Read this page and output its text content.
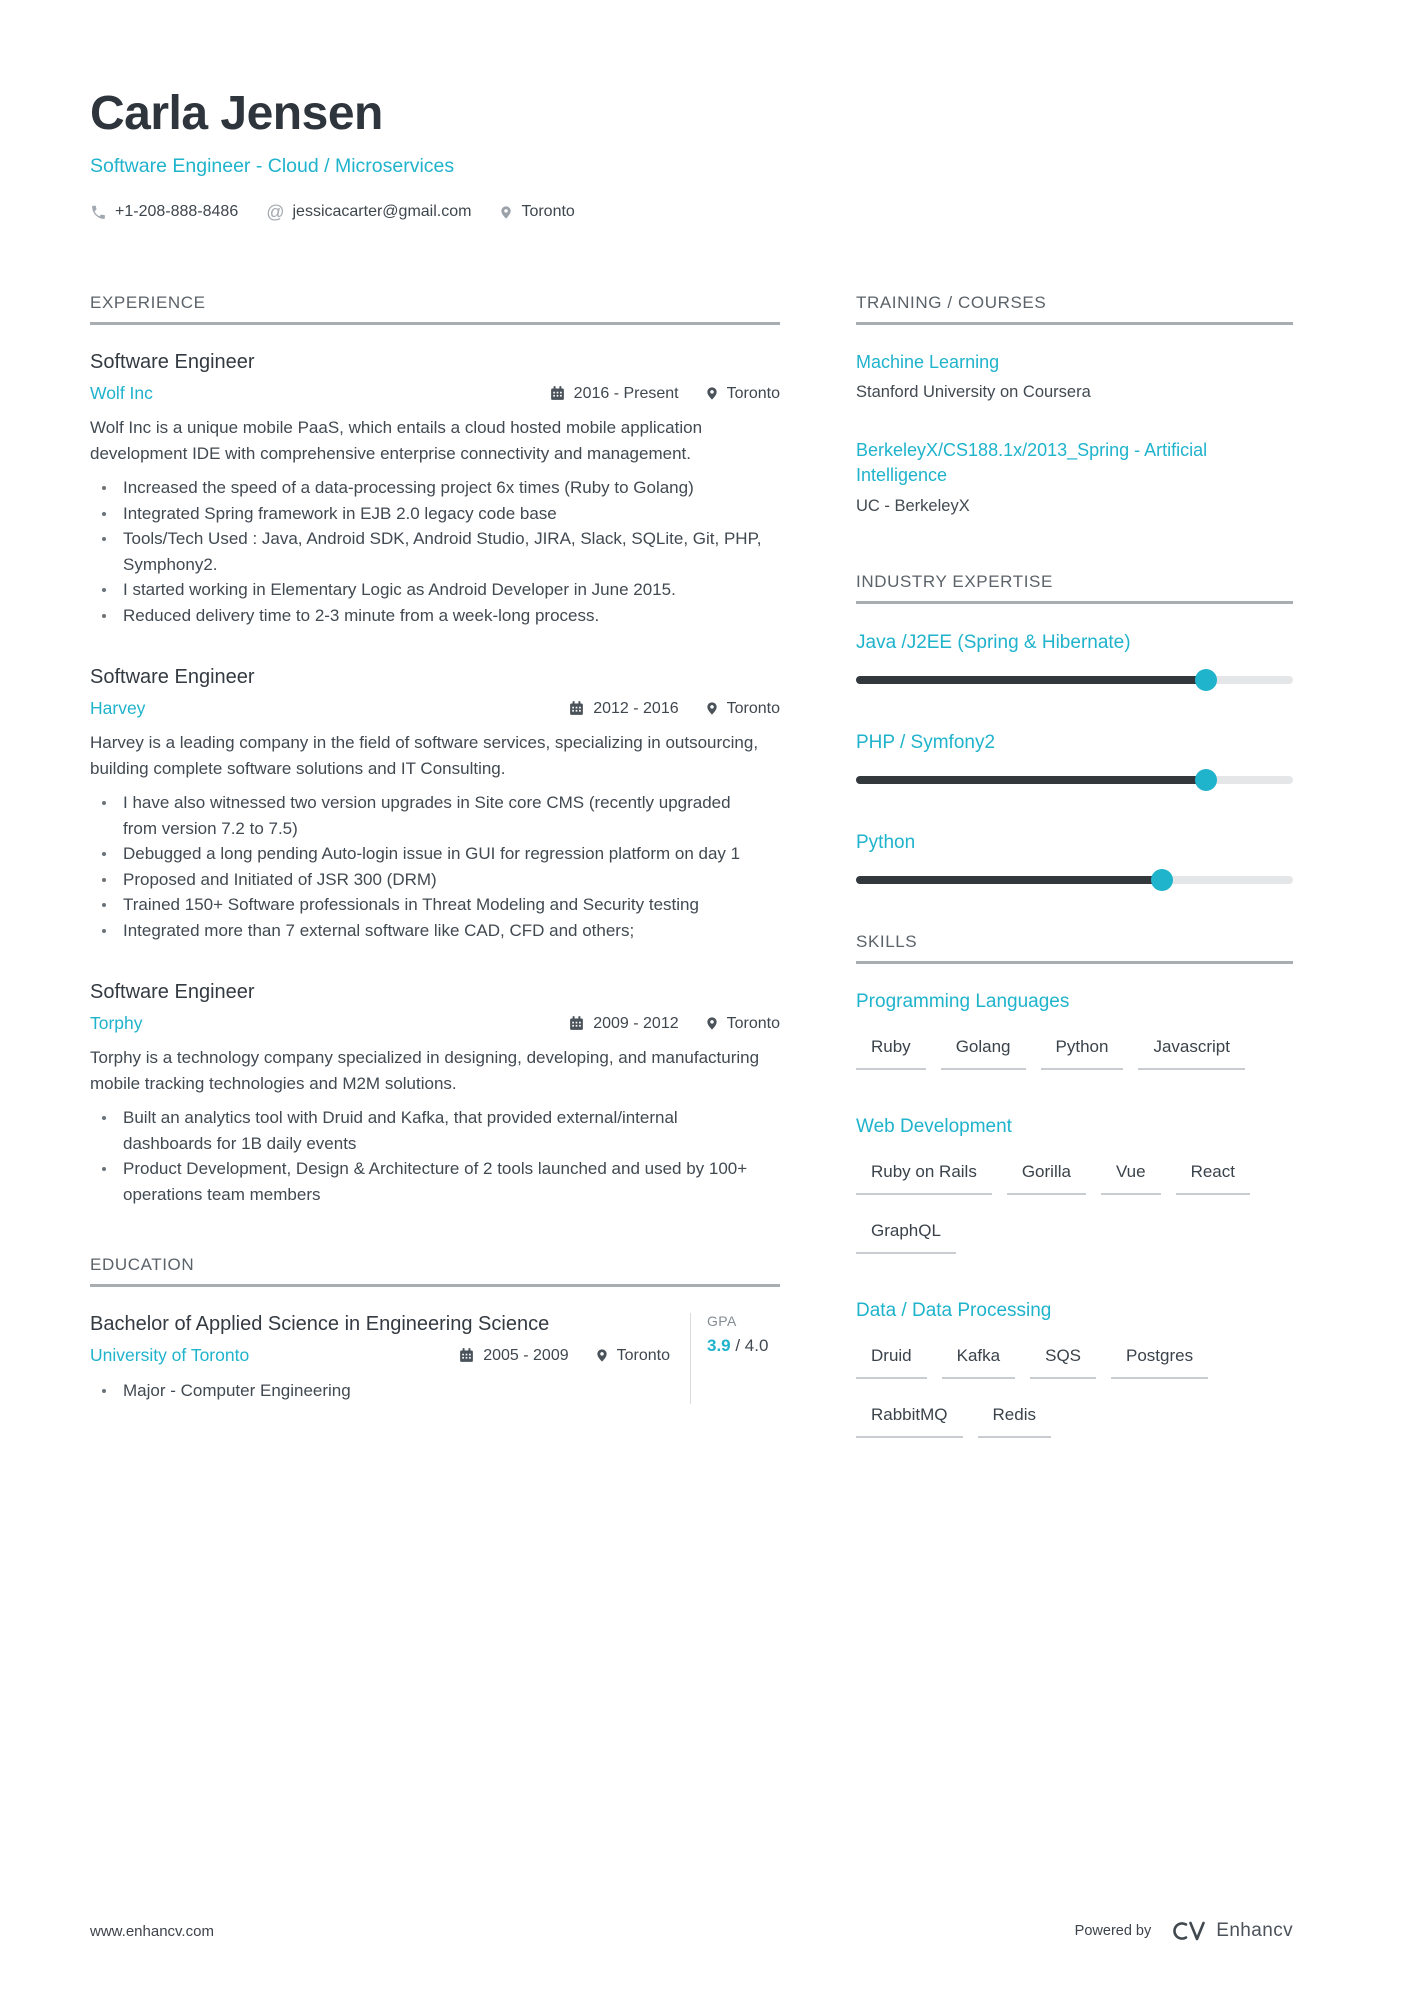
Carla Jensen
Software Engineer - Cloud / Microservices
+1-208-888-8486 @ jessicacarter@gmail.com	Toronto
EXPERIENCE
Software Engineer
Wolf Inc	2016 - Present	Toronto
Wolf Inc is a unique mobile PaaS, which entails a cloud hosted mobile application development IDE with comprehensive enterprise connectivity and management.
Increased the speed of a data-processing project 6x times (Ruby to Golang)
Integrated Spring framework in EJB 2.0 legacy code base
Tools/Tech Used : Java, Android SDK, Android Studio, JIRA, Slack, SQLite, Git, PHP, Symphony2.
I started working in Elementary Logic as Android Developer in June 2015.
Reduced delivery time to 2-3 minute from a week-long process.
Software Engineer
Harvey	2012 - 2016	Toronto
Harvey is a leading company in the field of software services, specializing in outsourcing, building complete software solutions and IT Consulting.
I have also witnessed two version upgrades in Site core CMS (recently upgraded from version 7.2 to 7.5)
Debugged a long pending Auto-login issue in GUI for regression platform on day 1
Proposed and Initiated of JSR 300 (DRM)
Trained 150+ Software professionals in Threat Modeling and Security testing
Integrated more than 7 external software like CAD, CFD and others;
Software Engineer
Torphy	2009 - 2012	Toronto
Torphy is a technology company specialized in designing, developing, and manufacturing mobile tracking technologies and M2M solutions.
Built an analytics tool with Druid and Kafka, that provided external/internal dashboards for 1B daily events
Product Development, Design & Architecture of 2 tools launched and used by 100+ operations team members
EDUCATION
Bachelor of Applied Science in Engineering Science
University of Toronto	2005 - 2009	Toronto
Major - Computer Engineering
GPA
3.9 / 4.0
TRAINING / COURSES
Machine Learning
Stanford University on Coursera
BerkeleyX/CS188.1x/2013_Spring - Artificial Intelligence
UC - BerkeleyX
INDUSTRY EXPERTISE
Java /J2EE (Spring & Hibernate)
PHP / Symfony2
Python
SKILLS
Programming Languages
Ruby	Golang	Python	Javascript
Web Development
Ruby on Rails	Gorilla	Vue	React
GraphQL
Data / Data Processing
Druid	Kafka	SQS	Postgres
RabbitMQ	Redis
www.enhancv.com	Powered by	Enhancv
